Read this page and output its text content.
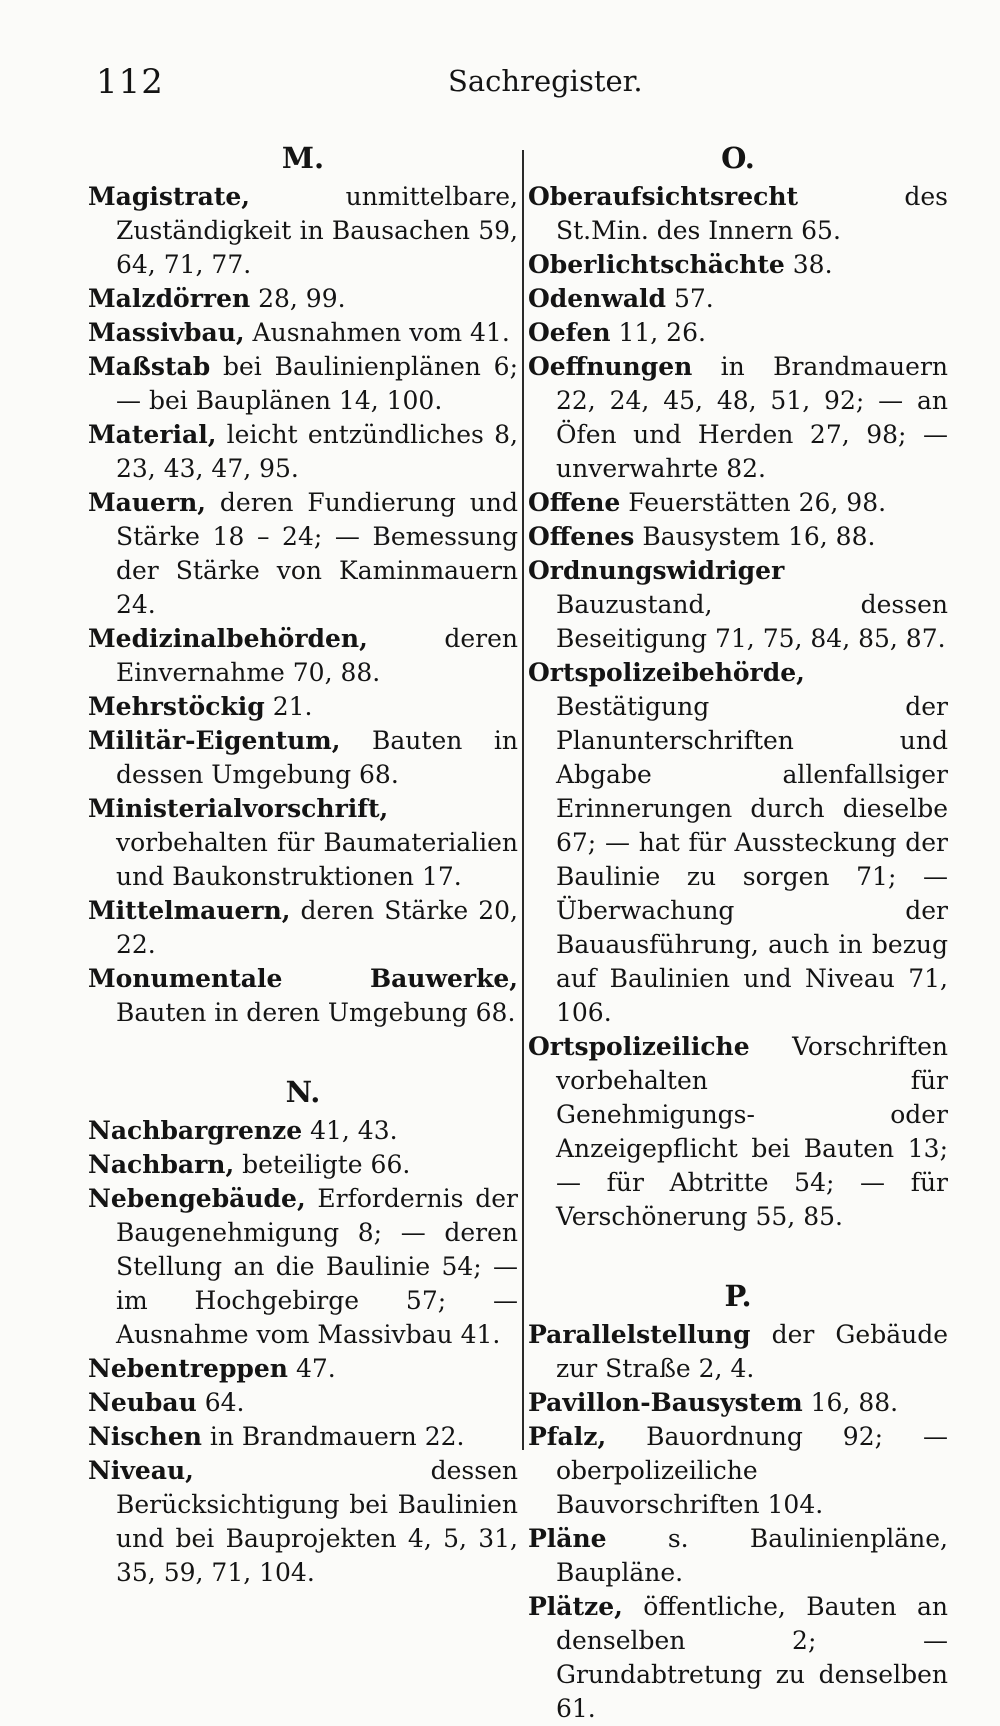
112	Sachregister.
M.

Magistrate, unmittelbare, Zuständigkeit in Bausachen 59, 64, 71, 77.

Malzdörren 28, 99.

Massivbau, Ausnahmen vom 41.

Maßstab bei Baulinienplänen 6; — bei Bauplänen 14, 100.

Material, leicht entzündliches 8, 23, 43, 47, 95.

Mauern, deren Fundierung und Stärke 18 – 24; — Bemessung der Stärke von Kaminmauern 24.

Medizinalbehörden, deren Einvernahme 70, 88.

Mehrstöckig 21.

Militär-Eigentum, Bauten in dessen Umgebung 68.

Ministerialvorschrift, vorbehalten für Baumaterialien und Baukonstruktionen 17.

Mittelmauern, deren Stärke 20, 22.

Monumentale Bauwerke, Bauten in deren Umgebung 68.

N.

Nachbargrenze 41, 43.

Nachbarn, beteiligte 66.

Nebengebäude, Erfordernis der Baugenehmigung 8; — deren Stellung an die Baulinie 54; — im Hochgebirge 57; — Ausnahme vom Massivbau 41.

Nebentreppen 47.

Neubau 64.

Nischen in Brandmauern 22.

Niveau, dessen Berücksichtigung bei Baulinien und bei Bauprojekten 4, 5, 31, 35, 59, 71, 104.

O.

Oberaufsichtsrecht des St.Min. des Innern 65.

Oberlichtschächte 38.

Odenwald 57.

Oefen 11, 26.

Oeffnungen in Brandmauern 22, 24, 45, 48, 51, 92; — an Öfen und Herden 27, 98; — unverwahrte 82.

Offene Feuerstätten 26, 98.

Offenes Bausystem 16, 88.

Ordnungswidriger Bauzustand, dessen Beseitigung 71, 75, 84, 85, 87.

Ortspolizeibehörde, Bestätigung der Planunterschriften und Abgabe allenfallsiger Erinnerungen durch dieselbe 67; — hat für Aussteckung der Baulinie zu sorgen 71; — Überwachung der Bauausführung, auch in bezug auf Baulinien und Niveau 71, 106.

Ortspolizeiliche Vorschriften vorbehalten für Genehmigungs- oder Anzeigepflicht bei Bauten 13; — für Abtritte 54; — für Verschönerung 55, 85.

P.

Parallelstellung der Gebäude zur Straße 2, 4.

Pavillon-Bausystem 16, 88.

Pfalz, Bauordnung 92; — oberpolizeiliche Bauvorschriften 104.

Pläne s. Baulinienpläne, Baupläne.

Plätze, öffentliche, Bauten an denselben 2; — Grundabtretung zu denselben 61.
